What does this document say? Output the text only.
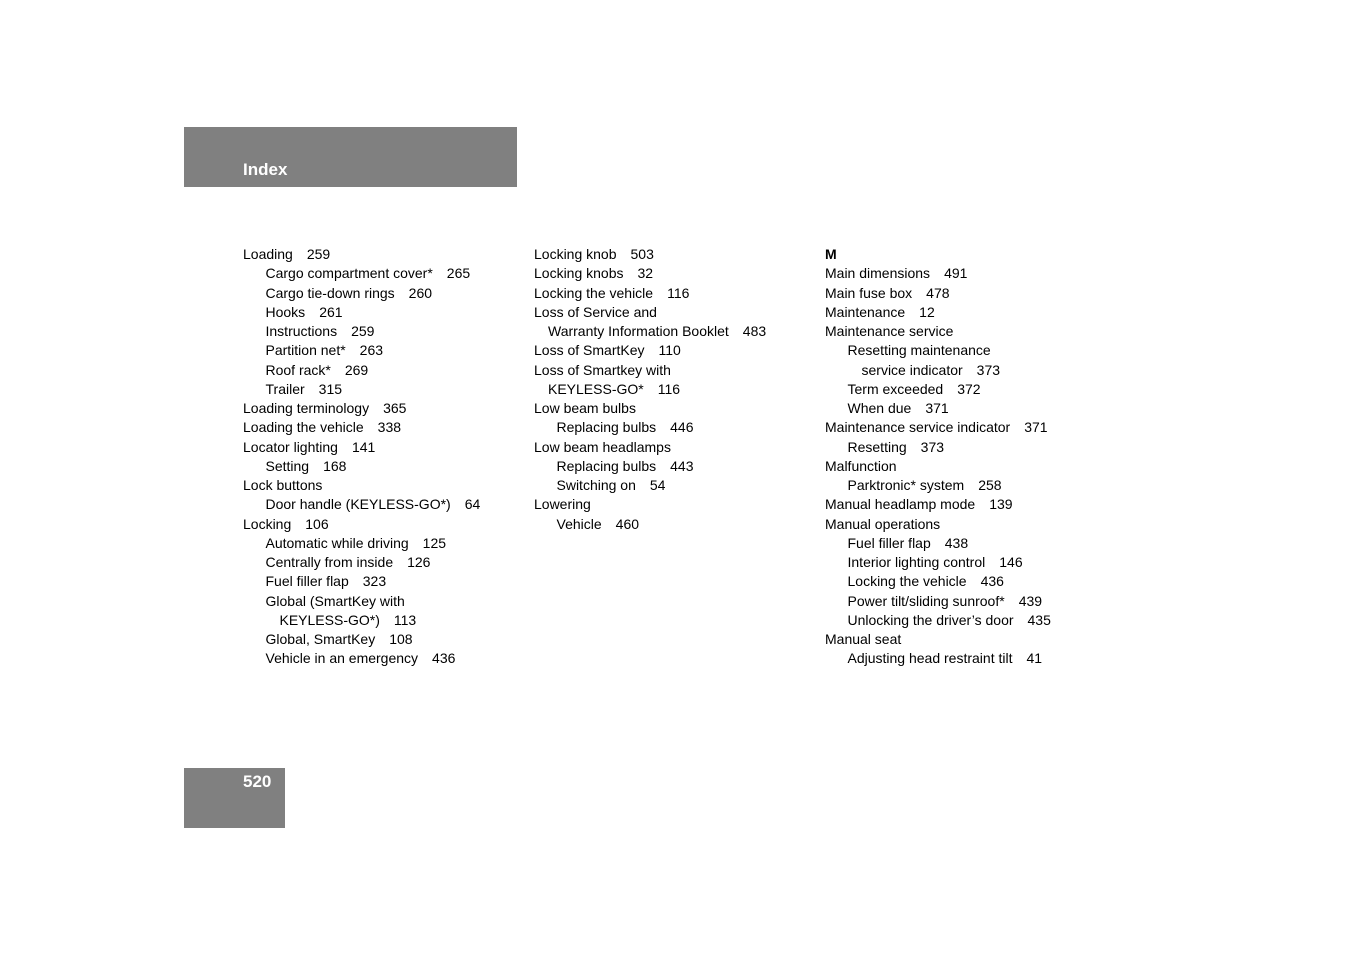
Index
Loading 259
Cargo compartment cover* 265
Cargo tie-down rings 260
Hooks 261
Instructions 259
Partition net* 263
Roof rack* 269
Trailer 315
Loading terminology 365
Loading the vehicle 338
Locator lighting 141
Setting 168
Lock buttons
Door handle (KEYLESS-GO*) 64
Locking 106
Automatic while driving 125
Centrally from inside 126
Fuel filler flap 323
Global (SmartKey with
KEYLESS-GO*) 113
Global, SmartKey 108
Vehicle in an emergency 436
Locking knob 503
Locking knobs 32
Locking the vehicle 116
Loss of Service and
Warranty Information Booklet 483
Loss of SmartKey 110
Loss of Smartkey with
KEYLESS-GO* 116
Low beam bulbs
Replacing bulbs 446
Low beam headlamps
Replacing bulbs 443
Switching on 54
Lowering
Vehicle 460
M
Main dimensions 491
Main fuse box 478
Maintenance 12
Maintenance service
Resetting maintenance
service indicator 373
Term exceeded 372
When due 371
Maintenance service indicator 371
Resetting 373
Malfunction
Parktronic* system 258
Manual headlamp mode 139
Manual operations
Fuel filler flap 438
Interior lighting control 146
Locking the vehicle 436
Power tilt/sliding sunroof* 439
Unlocking the driver’s door 435
Manual seat
Adjusting head restraint tilt 41
520
